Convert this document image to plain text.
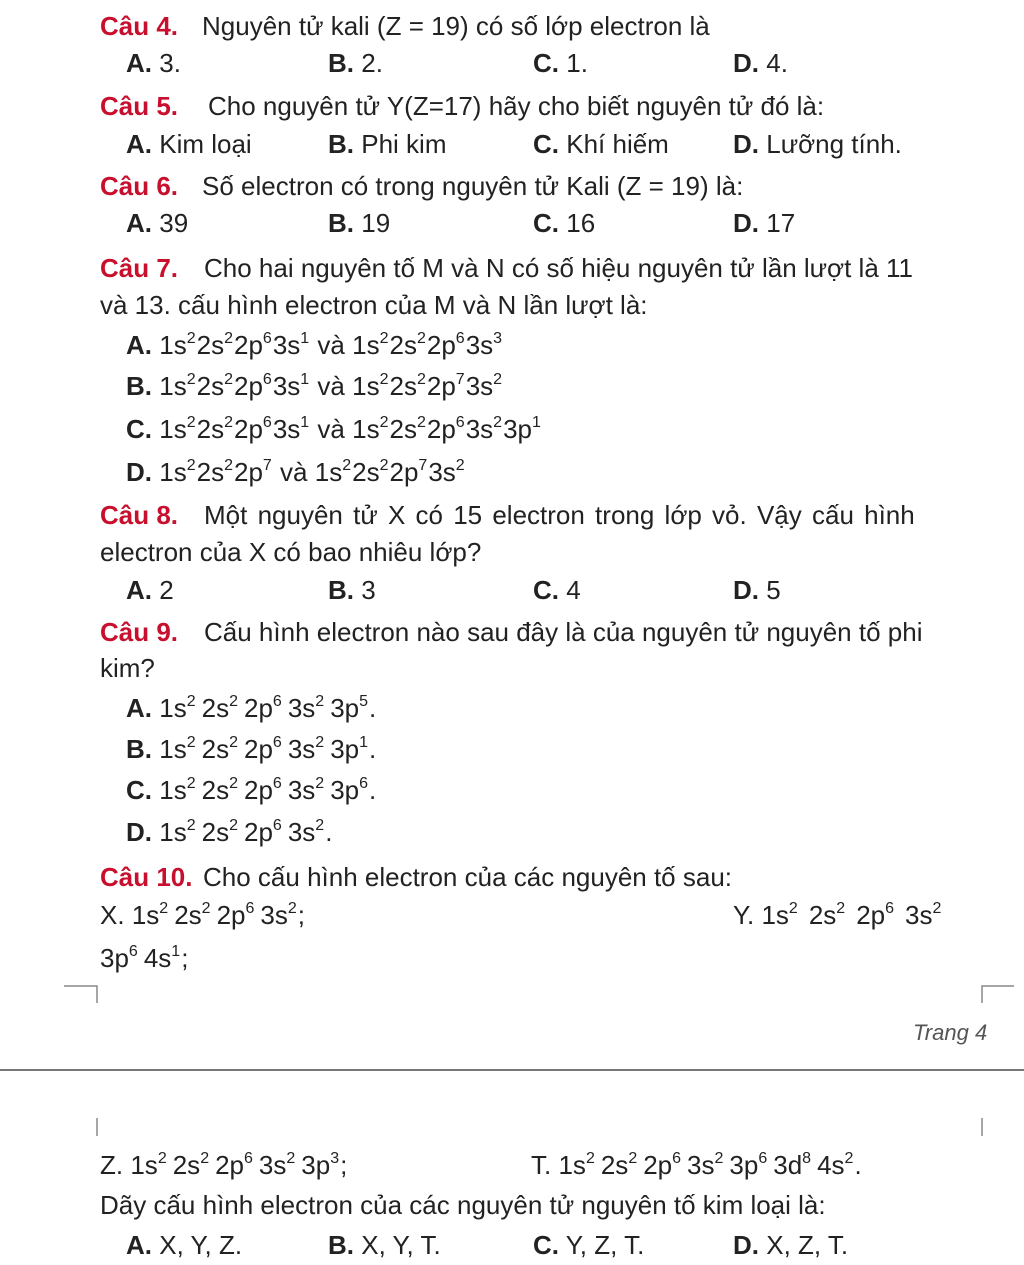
Câu 4. Nguyên tử kali (Z = 19) có số lớp electron là
A. 3.	B. 2.	C. 1.	D. 4.
Câu 5. Cho nguyên tử Y(Z=17) hãy cho biết nguyên tử đó là:
A. Kim loại	B. Phi kim	C. Khí hiếm D. Lưỡng tính.
Câu 6. Số electron có trong nguyên tử Kali (Z = 19) là:
A. 39	B. 19	C. 16	D. 17
Câu 7. Cho hai nguyên tố M và N có số hiệu nguyên tử lần lượt là 11
và 13. cấu hình electron của M và N lần lượt là:
A. $1s^22s^22p^63s^1$ và $1s^22s^22p^63s^3$
B. $1s^22s^22p^63s^1$ và $1s^22s^22p^73s^2$
C. $1s^22s^22p^63s^1$ và $1s^22s^22p^63s^23p^1$
D. $1s^22s^22p^7$ và $1s^22s^22p^73s^2$
Câu 8. Một nguyên tử X có 15 electron trong lớp vỏ. Vậy cấu hình
electron của X có bao nhiêu lớp?
A. 2	B. 3	C. 4	D. 5
Câu 9. Cấu hình electron nào sau đây là của nguyên tử nguyên tố phi
kim?
A. $1s^2$ $2s^2$ $2p^6$ $3s^2$ $3p^5$.
B. $1s^2$ $2s^2$ $2p^6$ $3s^2$ $3p^1$.
C. $1s^2$ $2s^2$ $2p^6$ $3s^2$ $3p^6$.
D. $1s^2$ $2s^2$ $2p^6$ $3s^2$.
Câu 10. Cho cấu hình electron của các nguyên tố sau:
X. $1s^2$ $2s^2$ $2p^6$ $3s^2$;	Y. $1s^2$ $2s^2$ $2p^6$ $3s^2$
$3p^6$ $4s^1$;
Trang 4
Z. $1s^2$ $2s^2$ $2p^6$ $3s^2$ $3p^3$;	T. $1s^2$ $2s^2$ $2p^6$ $3s^2$ $3p^6$ $3d^8$ $4s^2$.
Dãy cấu hình electron của các nguyên tử nguyên tố kim loại là:
A. X, Y, Z.	B. X, Y, T.	C. Y, Z, T.	D. X, Z, T.
